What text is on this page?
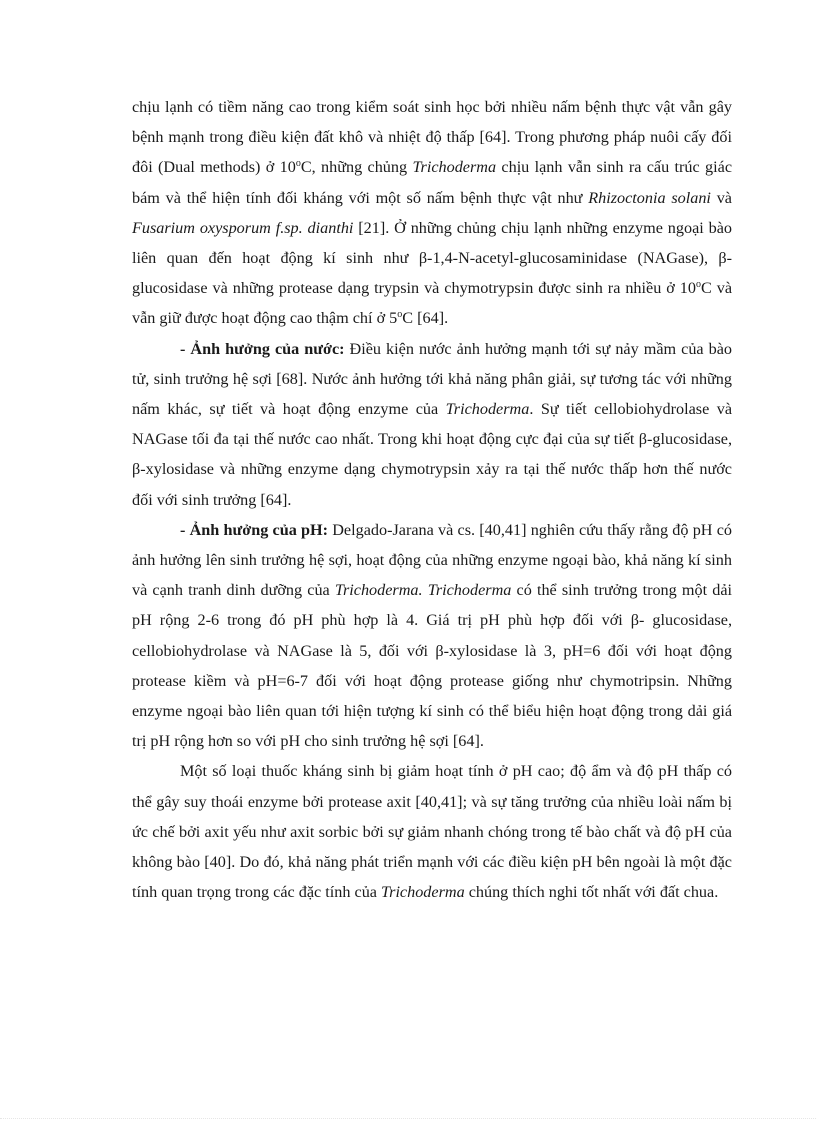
chịu lạnh có tiềm năng cao trong kiểm soát sinh học bởi nhiều nấm bệnh thực vật vẫn gây bệnh mạnh trong điều kiện đất khô và nhiệt độ thấp [64]. Trong phương pháp nuôi cấy đối đôi (Dual methods) ở 10$^o$C, những chủng Trichoderma chịu lạnh vẫn sinh ra cấu trúc giác bám và thể hiện tính đối kháng với một số nấm bệnh thực vật như Rhizoctonia solani và Fusarium oxysporum f.sp. dianthi [21]. Ở những chủng chịu lạnh những enzyme ngoại bào liên quan đến hoạt động kí sinh như β-1,4-N-acetyl-glucosaminidase (NAGase), β-glucosidase và những protease dạng trypsin và chymotrypsin được sinh ra nhiều ở 10$^o$C và vẫn giữ được hoạt động cao thậm chí ở 5$^o$C [64].

- Ảnh hưởng của nước: Điều kiện nước ảnh hưởng mạnh tới sự nảy mầm của bào tử, sinh trưởng hệ sợi [68]. Nước ảnh hưởng tới khả năng phân giải, sự tương tác với những nấm khác, sự tiết và hoạt động enzyme của Trichoderma. Sự tiết cellobiohydrolase và NAGase tối đa tại thế nước cao nhất. Trong khi hoạt động cực đại của sự tiết β-glucosidase, β-xylosidase và những enzyme dạng chymotrypsin xảy ra tại thế nước thấp hơn thế nước đối với sinh trưởng [64].

- Ảnh hưởng của pH: Delgado-Jarana và cs. [40,41] nghiên cứu thấy rằng độ pH có ảnh hưởng lên sinh trưởng hệ sợi, hoạt động của những enzyme ngoại bào, khả năng kí sinh và cạnh tranh dinh dưỡng của Trichoderma. Trichoderma có thể sinh trưởng trong một dải pH rộng 2-6 trong đó pH phù hợp là 4. Giá trị pH phù hợp đối với β- glucosidase, cellobiohydrolase và NAGase là 5, đối với β-xylosidase là 3, pH=6 đối với hoạt động protease kiềm và pH=6-7 đối với hoạt động protease giống như chymotripsin. Những enzyme ngoại bào liên quan tới hiện tượng kí sinh có thể biểu hiện hoạt động trong dải giá trị pH rộng hơn so với pH cho sinh trưởng hệ sợi [64].

Một số loại thuốc kháng sinh bị giảm hoạt tính ở pH cao; độ ẩm và độ pH thấp có thể gây suy thoái enzyme bởi protease axit [40,41]; và sự tăng trưởng của nhiều loài nấm bị ức chế bởi axit yếu như axit sorbic bởi sự giảm nhanh chóng trong tế bào chất và độ pH của không bào [40]. Do đó, khả năng phát triển mạnh với các điều kiện pH bên ngoài là một đặc tính quan trọng trong các đặc tính của Trichoderma chúng thích nghi tốt nhất với đất chua.
